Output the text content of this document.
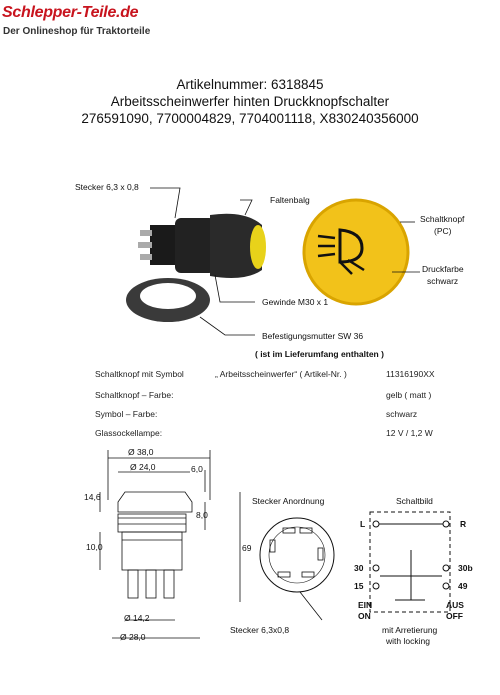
Schlepper-Teile.de
Der Onlineshop für Traktorteile
Artikelnummer: 6318845
Arbeitsscheinwerfer hinten Druckknopfschalter
276591090, 7700004829, 7704001118, X830240356000
Stecker 6,3 x 0,8
Faltenbalg
Schaltknopf
(PC)
Druckfarbe
schwarz
Gewinde M30 x 1
Befestigungsmutter SW 36
( ist im Lieferumfang enthalten )
Schaltknopf mit Symbol	„ Arbeitsscheinwerfer“ ( Artikel-Nr. )	11316190XX
Schaltknopf – Farbe:	gelb ( matt )
Symbol – Farbe:	schwarz
Glassockellampe:	12 V / 1,2 W
Ø 38,0
Ø 24,0	6,0
14,6
8,0
10,0	69
Ø 14,2
Ø 28,0
Stecker Anordnung
Stecker 6,3x0,8
Schaltbild
L	R
30	30b
15	49
EIN
ON
AUS
OFF
mit Arretierung
with locking
